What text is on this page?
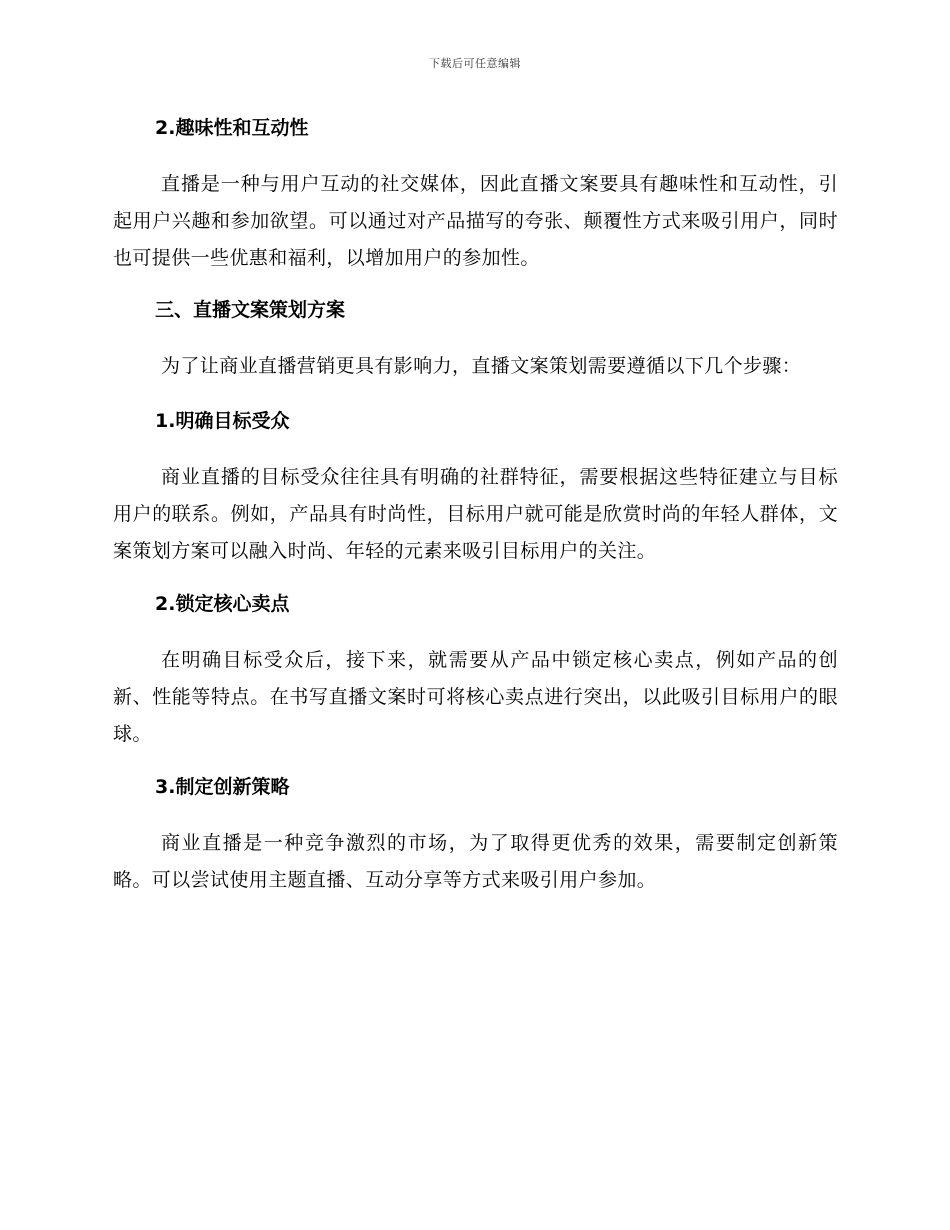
下载后可任意编辑
2.趣味性和互动性

直播是一种与用户互动的社交媒体，因此直播文案要具有趣味性和互动性，引起用户兴趣和参加欲望。可以通过对产品描写的夸张、颠覆性方式来吸引用户，同时也可提供一些优惠和福利，以增加用户的参加性。

三、直播文案策划方案

为了让商业直播营销更具有影响力，直播文案策划需要遵循以下几个步骤：

1.明确目标受众

商业直播的目标受众往往具有明确的社群特征，需要根据这些特征建立与目标用户的联系。例如，产品具有时尚性，目标用户就可能是欣赏时尚的年轻人群体，文案策划方案可以融入时尚、年轻的元素来吸引目标用户的关注。

2.锁定核心卖点

在明确目标受众后，接下来，就需要从产品中锁定核心卖点，例如产品的创新、性能等特点。在书写直播文案时可将核心卖点进行突出，以此吸引目标用户的眼球。

3.制定创新策略

商业直播是一种竞争激烈的市场，为了取得更优秀的效果，需要制定创新策略。可以尝试使用主题直播、互动分享等方式来吸引用户参加。
